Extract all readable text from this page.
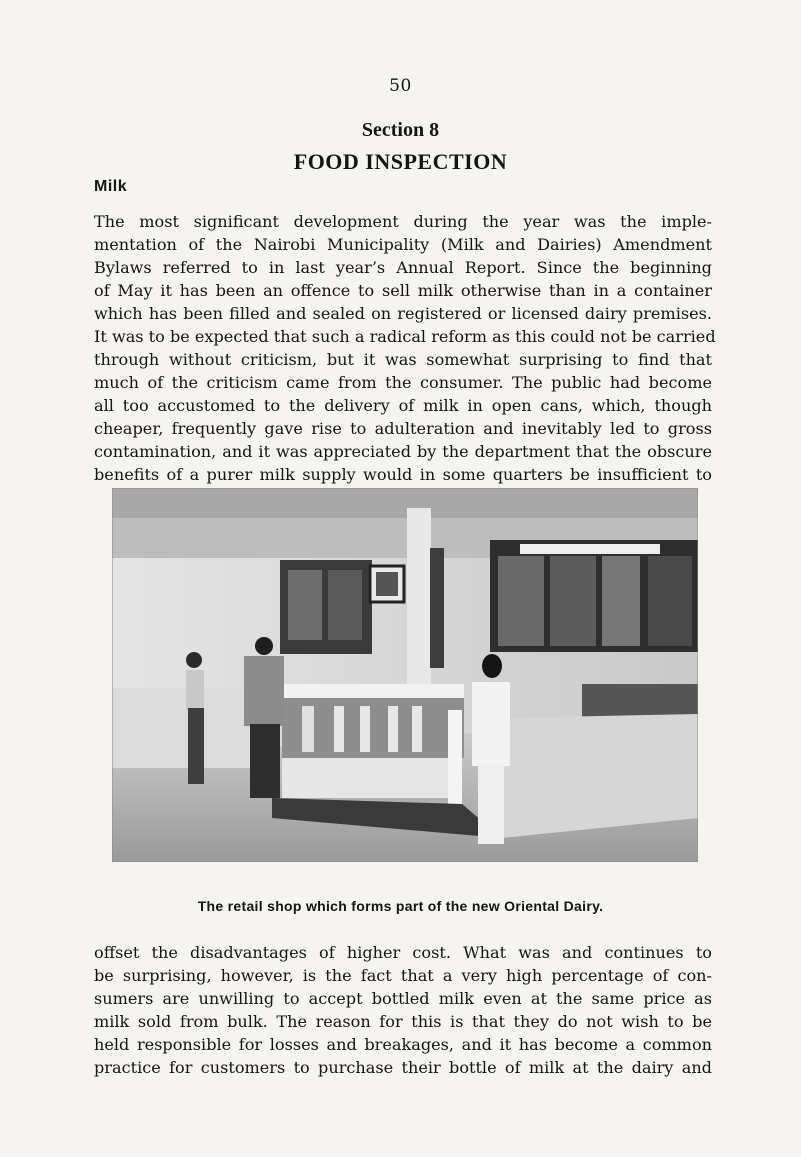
50
Section 8
FOOD INSPECTION
Milk

The most significant development during the year was the imple-
mentation of the Nairobi Municipality (Milk and Dairies) Amendment
Bylaws referred to in last year’s Annual Report. Since the beginning
of May it has been an offence to sell milk otherwise than in a container
which has been filled and sealed on registered or licensed dairy premises.
It was to be expected that such a radical reform as this could not be carried
through without criticism, but it was somewhat surprising to find that
much of the criticism came from the consumer. The public had become
all too accustomed to the delivery of milk in open cans, which, though
cheaper, frequently gave rise to adulteration and inevitably led to gross
contamination, and it was appreciated by the department that the obscure
benefits of a purer milk supply would in some quarters be insufficient to

The retail shop which forms part of the new Oriental Dairy.

offset the disadvantages of higher cost. What was and continues to
be surprising, however, is the fact that a very high percentage of con-
sumers are unwilling to accept bottled milk even at the same price as
milk sold from bulk. The reason for this is that they do not wish to be
held responsible for losses and breakages, and it has become a common
practice for customers to purchase their bottle of milk at the dairy and
